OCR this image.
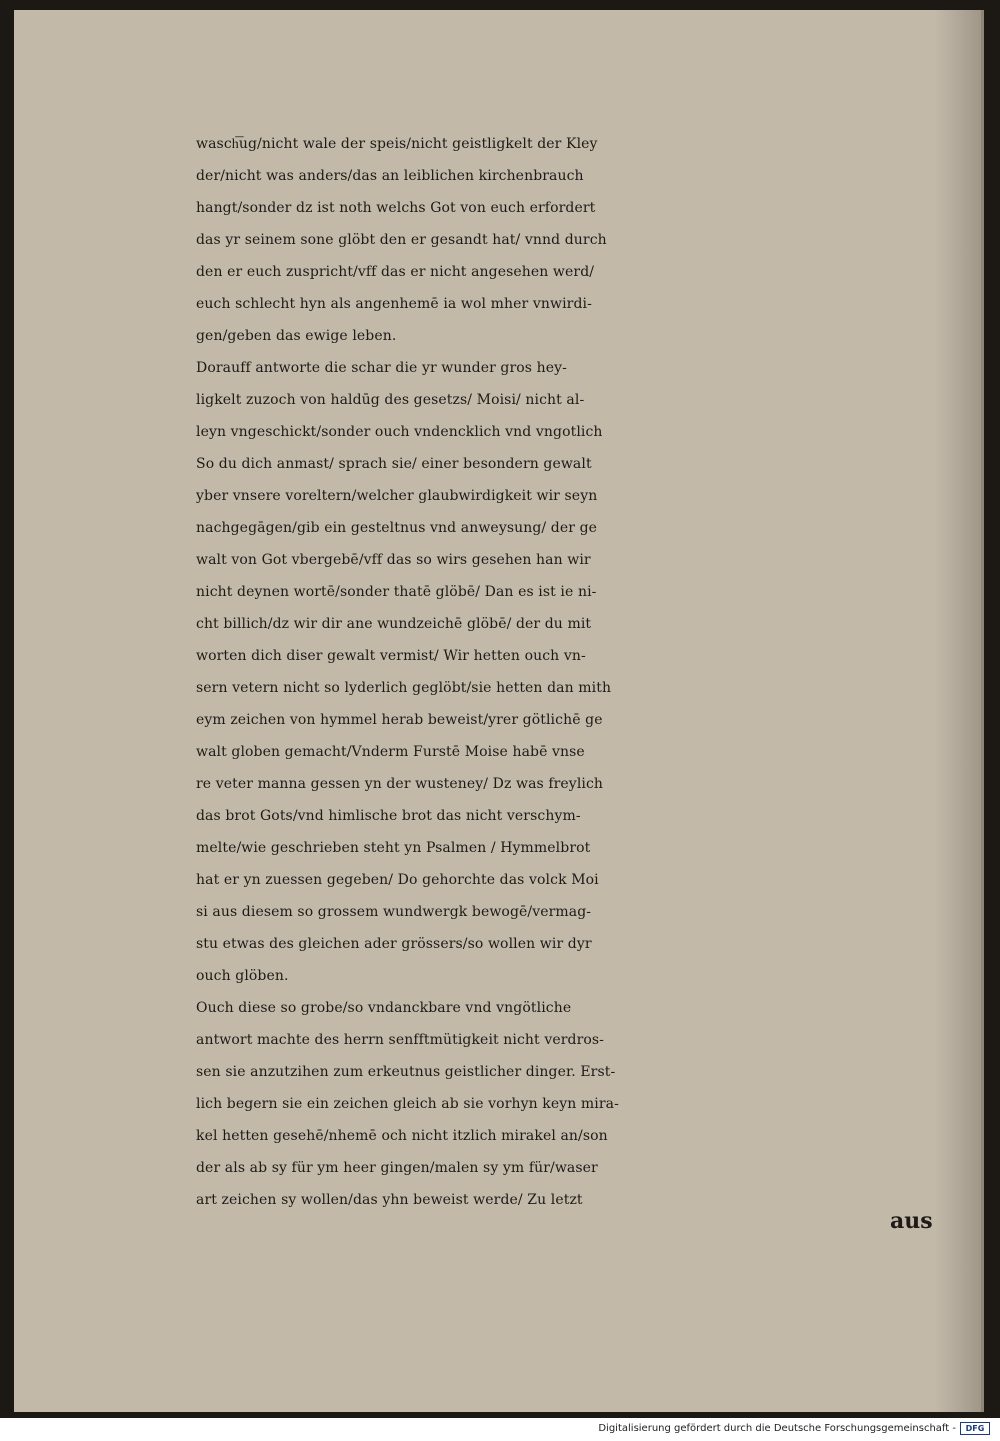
wasch͞ug/nicht wale der speis/nicht geistligkelt der Kley
der/nicht was anders/das an leiblichen kirchenbrauch
hangt/sonder dz ist noth welchs Got von euch erfordert
das yr seinem sone glöbt den er gesandt hat/ vnnd durch
den er euch zuspricht/vff das er nicht angesehen werd/
euch schlecht hyn als angenhemē ia wol mher vnwirdi-
gen/geben das ewige leben.
Dorauff antworte die schar die yr wunder gros hey-
ligkelt zuzoch von haldūg des gesetzs/ Moisi/ nicht al-
leyn vngeschickt/sonder ouch vndencklich vnd vngotlich
So du dich anmast/ sprach sie/ einer besondern gewalt
yber vnsere voreltern/welcher glaubwirdigkeit wir seyn
nachgegāgen/gib ein gesteltnus vnd anweysung/ der ge
walt von Got vbergebē/vff das so wirs gesehen han wir
nicht deynen wortē/sonder thatē glöbē/ Dan es ist ie ni-
cht billich/dz wir dir ane wundzeichē glöbē/ der du mit
worten dich diser gewalt vermist/ Wir hetten ouch vn-
sern vetern nicht so lyderlich geglöbt/sie hetten dan mith
eym zeichen von hymmel herab beweist/yrer götlichē ge
walt globen gemacht/Vnderm Furstē Moise habē vnse
re veter manna gessen yn der wusteney/ Dz was freylich
das brot Gots/vnd himlische brot das nicht verschym-
melte/wie geschrieben steht yn Psalmen / Hymmelbrot
hat er yn zuessen gegeben/ Do gehorchte das volck Moi
si aus diesem so grossem wundwergk bewogē/vermag-
stu etwas des gleichen ader grössers/so wollen wir dyr
ouch glöben.
Ouch diese so grobe/so vndanckbare vnd vngötliche
antwort machte des herrn senfftmütigkeit nicht verdros-
sen sie anzutzihen zum erkeutnus geistlicher dinger. Erst-
lich begern sie ein zeichen gleich ab sie vorhyn keyn mira-
kel hetten gesehē/nhemē och nicht itzlich mirakel an/son
der als ab sy für ym heer gingen/malen sy ym für/waser
art zeichen sy wollen/das yhn beweist werde/ Zu letzt
aus
Digitalisierung gefördert durch die Deutsche Forschungsgemeinschaft -	DFG
